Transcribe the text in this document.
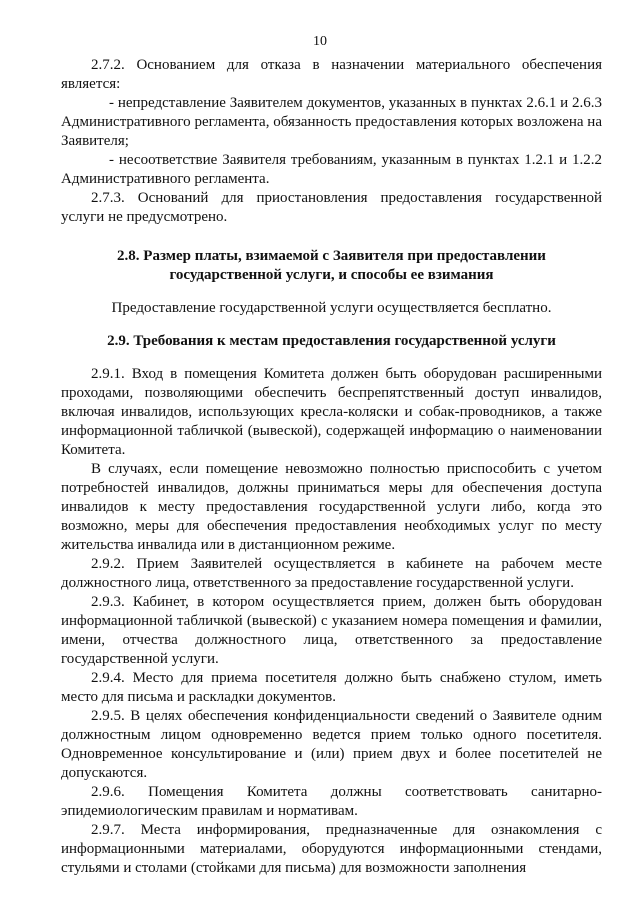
10

2.7.2. Основанием для отказа в назначении материального обеспечения является:

- непредставление Заявителем документов, указанных в пунктах 2.6.1 и 2.6.3 Административного регламента, обязанность предоставления которых возложена на Заявителя;

- несоответствие Заявителя требованиям, указанным в пунктах 1.2.1 и 1.2.2 Административного регламента.

2.7.3. Оснований для приостановления предоставления государственной услуги не предусмотрено.

2.8. Размер платы, взимаемой с Заявителя при предоставлении государственной услуги, и способы ее взимания

Предоставление государственной услуги осуществляется бесплатно.

2.9. Требования к местам предоставления государственной услуги

2.9.1. Вход в помещения Комитета должен быть оборудован расширенными проходами, позволяющими обеспечить беспрепятственный доступ инвалидов, включая инвалидов, использующих кресла-коляски и собак-проводников, а также информационной табличкой (вывеской), содержащей информацию о наименовании Комитета.

В случаях, если помещение невозможно полностью приспособить с учетом потребностей инвалидов, должны приниматься меры для обеспечения доступа инвалидов к месту предоставления государственной услуги либо, когда это возможно, меры для обеспечения предоставления необходимых услуг по месту жительства инвалида или в дистанционном режиме.

2.9.2. Прием Заявителей осуществляется в кабинете на рабочем месте должностного лица, ответственного за предоставление государственной услуги.

2.9.3. Кабинет, в котором осуществляется прием, должен быть оборудован информационной табличкой (вывеской) с указанием номера помещения и фамилии, имени, отчества должностного лица, ответственного за предоставление государственной услуги.

2.9.4. Место для приема посетителя должно быть снабжено стулом, иметь место для письма и раскладки документов.

2.9.5. В целях обеспечения конфиденциальности сведений о Заявителе одним должностным лицом одновременно ведется прием только одного посетителя. Одновременное консультирование и (или) прием двух и более посетителей не допускаются.

2.9.6. Помещения Комитета должны соответствовать санитарно-эпидемиологическим правилам и нормативам.

2.9.7. Места информирования, предназначенные для ознакомления с информационными материалами, оборудуются информационными стендами, стульями и столами (стойками для письма) для возможности заполнения
